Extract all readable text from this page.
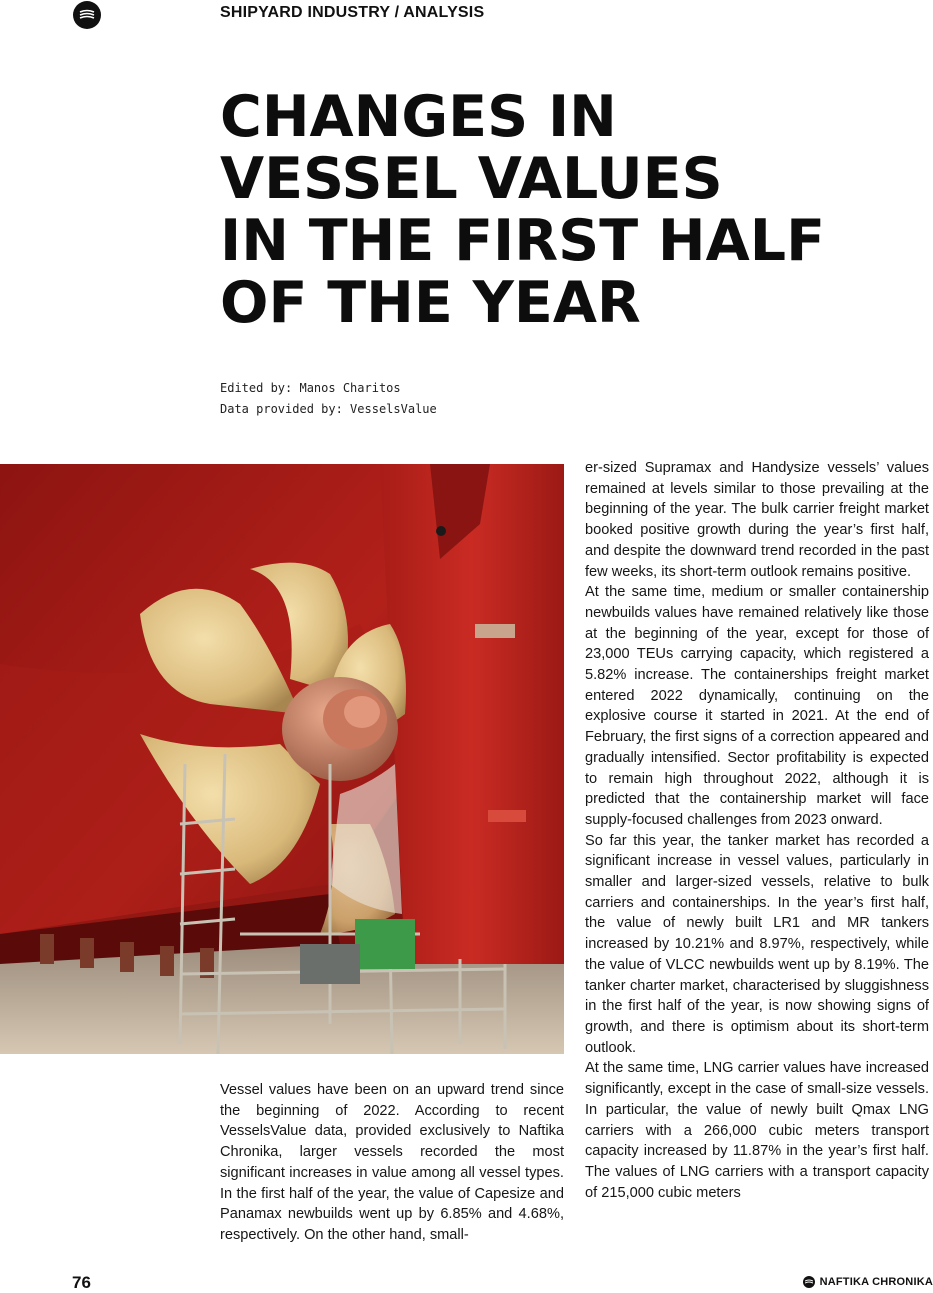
SHIPYARD INDUSTRY / ANALYSIS
CHANGES IN
VESSEL VALUES
IN THE FIRST HALF
OF THE YEAR
Edited by: Manos Charitos
Data provided by: VesselsValue

Vessel values have been on an upward trend since the beginning of 2022. According to recent VesselsValue data, provided exclusively to Naftika Chronika, larger vessels recorded the most significant increases in value among all vessel types. In the first half of the year, the value of Capesize and Panamax newbuilds went up by 6.85% and 4.68%, respectively. On the other hand, small-

er-sized Supramax and Handysize vessels’ values remained at levels similar to those prevailing at the beginning of the year. The bulk carrier freight market booked positive growth during the year’s first half, and despite the downward trend recorded in the past few weeks, its short-term outlook remains positive.

At the same time, medium or smaller containership newbuilds values have remained relatively like those at the beginning of the year, except for those of 23,000 TEUs carrying capacity, which registered a 5.82% increase. The containerships freight market entered 2022 dynamically, continuing on the explosive course it started in 2021. At the end of February, the first signs of a correction appeared and gradually intensified. Sector profitability is expected to remain high throughout 2022, although it is predicted that the containership market will face supply-focused challenges from 2023 onward.

So far this year, the tanker market has recorded a significant increase in vessel values, particularly in smaller and larger-sized vessels, relative to bulk carriers and containerships. In the year’s first half, the value of newly built LR1 and MR tankers increased by 10.21% and 8.97%, respectively, while the value of VLCC newbuilds went up by 8.19%. The tanker charter market, characterised by sluggishness in the first half of the year, is now showing signs of growth, and there is optimism about its short-term outlook.

At the same time, LNG carrier values have increased significantly, except in the case of small-size vessels. In particular, the value of newly built Qmax LNG carriers with a 266,000 cubic meters transport capacity increased by 11.87% in the year’s first half. The values of LNG carriers with a transport capacity of 215,000 cubic meters

76	NAFTIKA CHRONIKA
